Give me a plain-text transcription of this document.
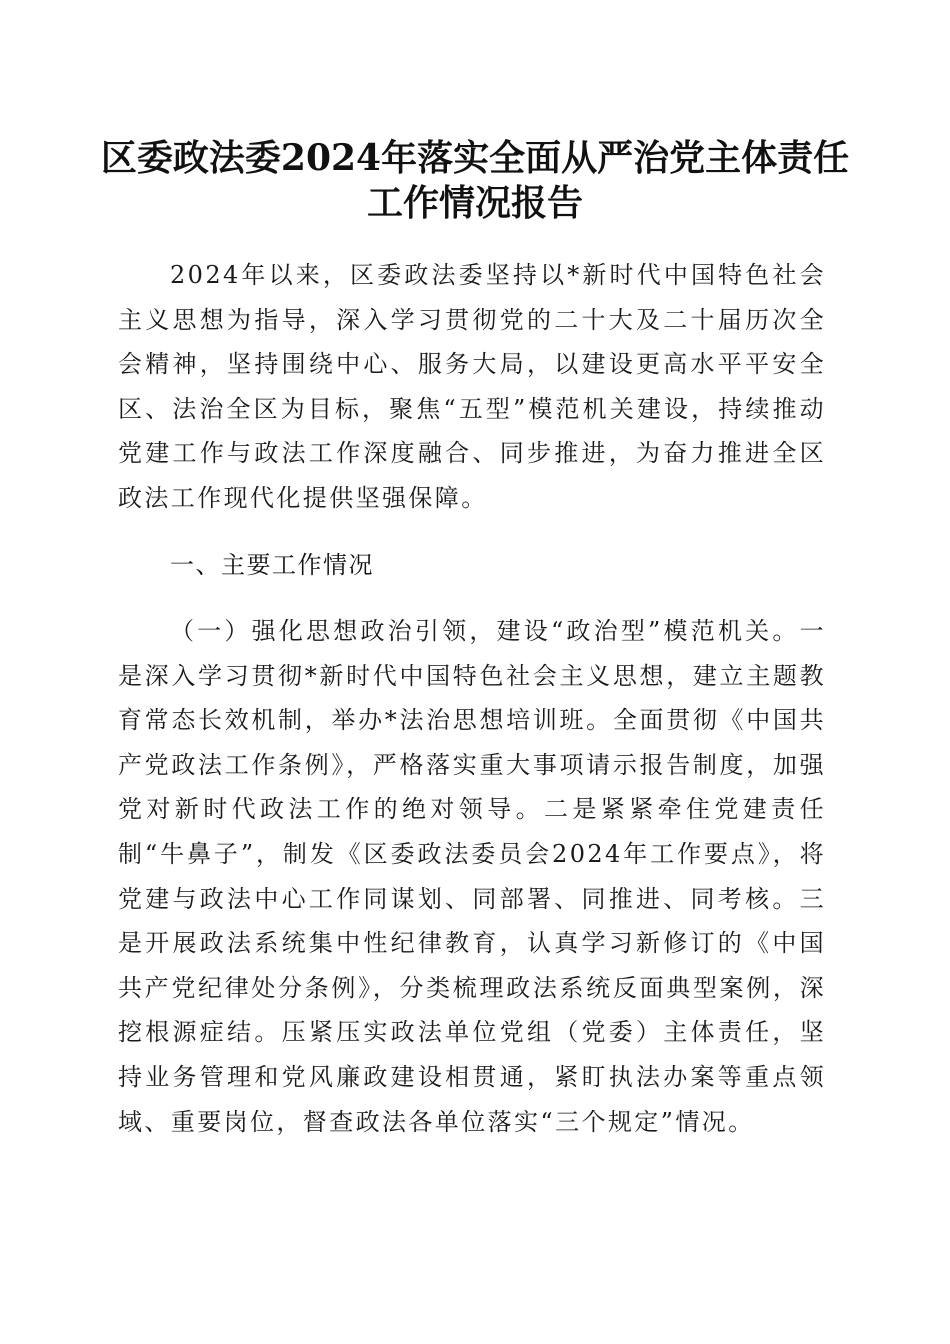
区委政法委2024年落实全面从严治党主体责任工作情况报告

2024年以来，区委政法委坚持以*新时代中国特色社会主义思想为指导，深入学习贯彻党的二十大及二十届历次全会精神，坚持围绕中心、服务大局，以建设更高水平平安全区、法治全区为目标，聚焦“五型”模范机关建设，持续推动党建工作与政法工作深度融合、同步推进，为奋力推进全区政法工作现代化提供坚强保障。

一、主要工作情况

（一）强化思想政治引领，建设“政治型”模范机关。一是深入学习贯彻*新时代中国特色社会主义思想，建立主题教育常态长效机制，举办*法治思想培训班。全面贯彻《中国共产党政法工作条例》，严格落实重大事项请示报告制度，加强党对新时代政法工作的绝对领导。二是紧紧牵住党建责任制“牛鼻子”，制发《区委政法委员会2024年工作要点》，将党建与政法中心工作同谋划、同部署、同推进、同考核。三是开展政法系统集中性纪律教育，认真学习新修订的《中国共产党纪律处分条例》，分类梳理政法系统反面典型案例，深挖根源症结。压紧压实政法单位党组（党委）主体责任，坚持业务管理和党风廉政建设相贯通，紧盯执法办案等重点领域、重要岗位，督查政法各单位落实“三个规定”情况。
